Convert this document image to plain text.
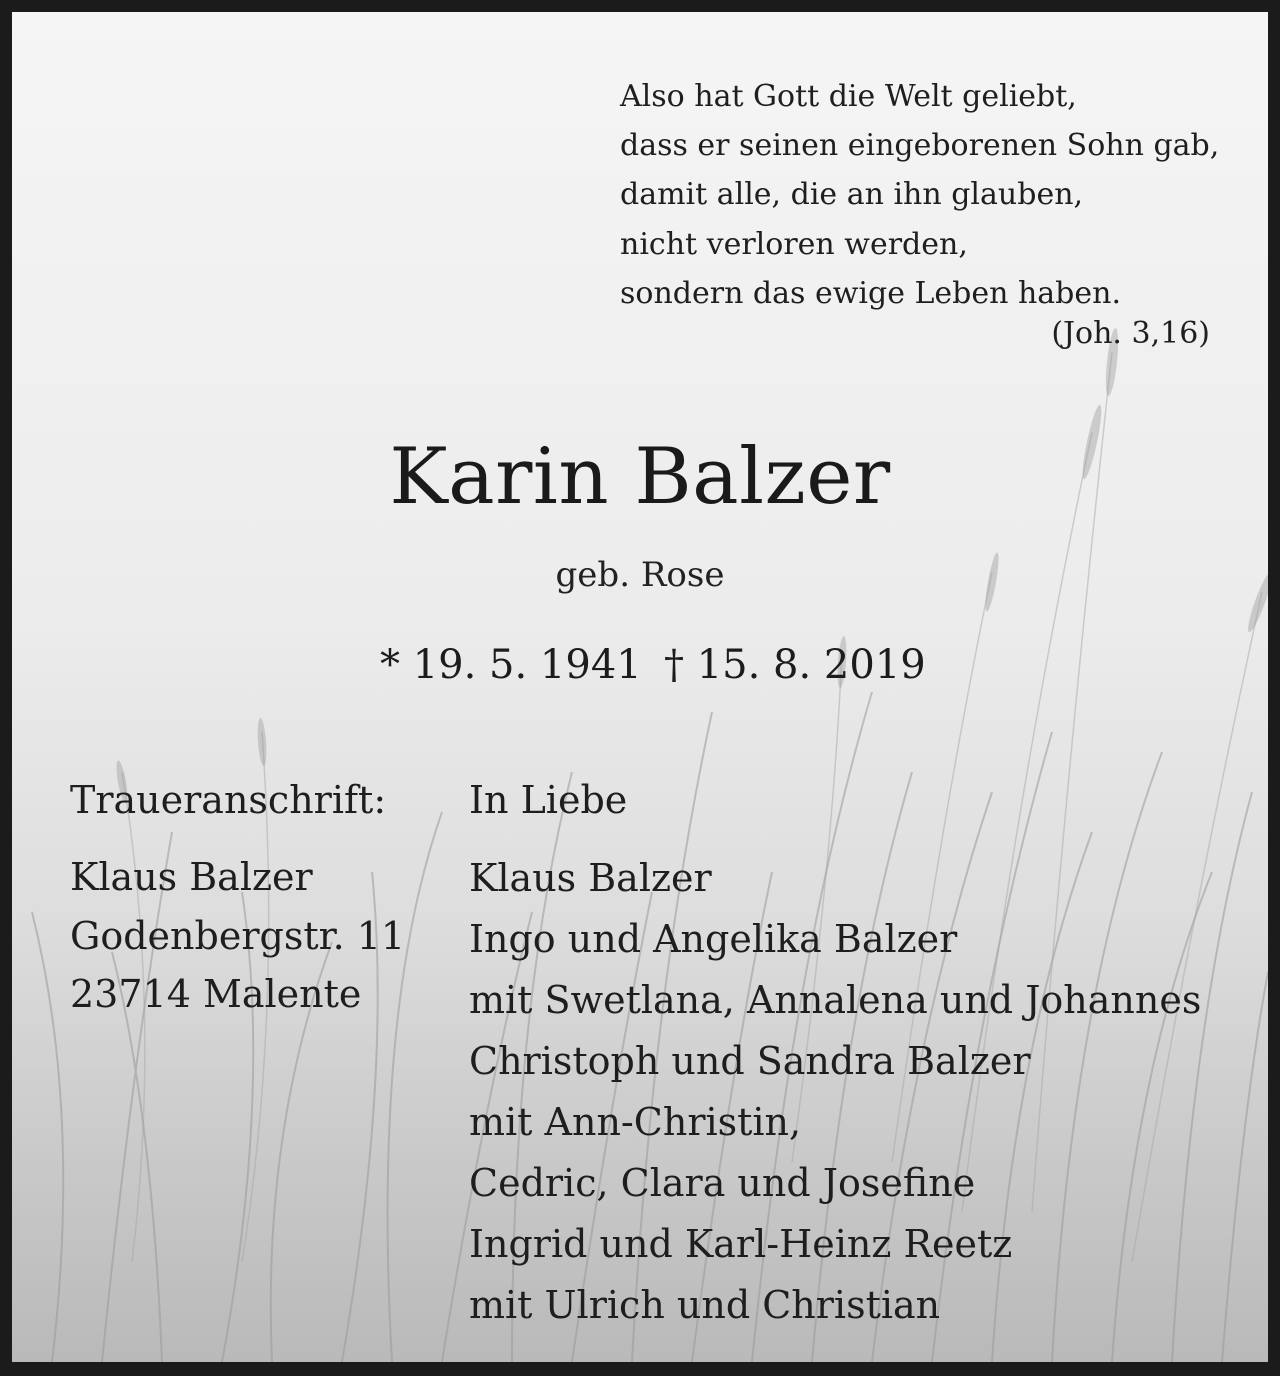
Also hat Gott die Welt geliebt,
dass er seinen eingeborenen Sohn gab,
damit alle, die an ihn glauben,
nicht verloren werden,
sondern das ewige Leben haben.
(Joh. 3,16)
Karin Balzer
geb. Rose
* 19. 5. 1941 † 15. 8. 2019
Traueranschrift:
Klaus Balzer
Godenbergstr. 11
23714 Malente
In Liebe
Klaus Balzer
Ingo und Angelika Balzer
mit Swetlana, Annalena und Johannes
Christoph und Sandra Balzer
mit Ann-Christin,
Cedric, Clara und Josefine
Ingrid und Karl-Heinz Reetz
mit Ulrich und Christian
